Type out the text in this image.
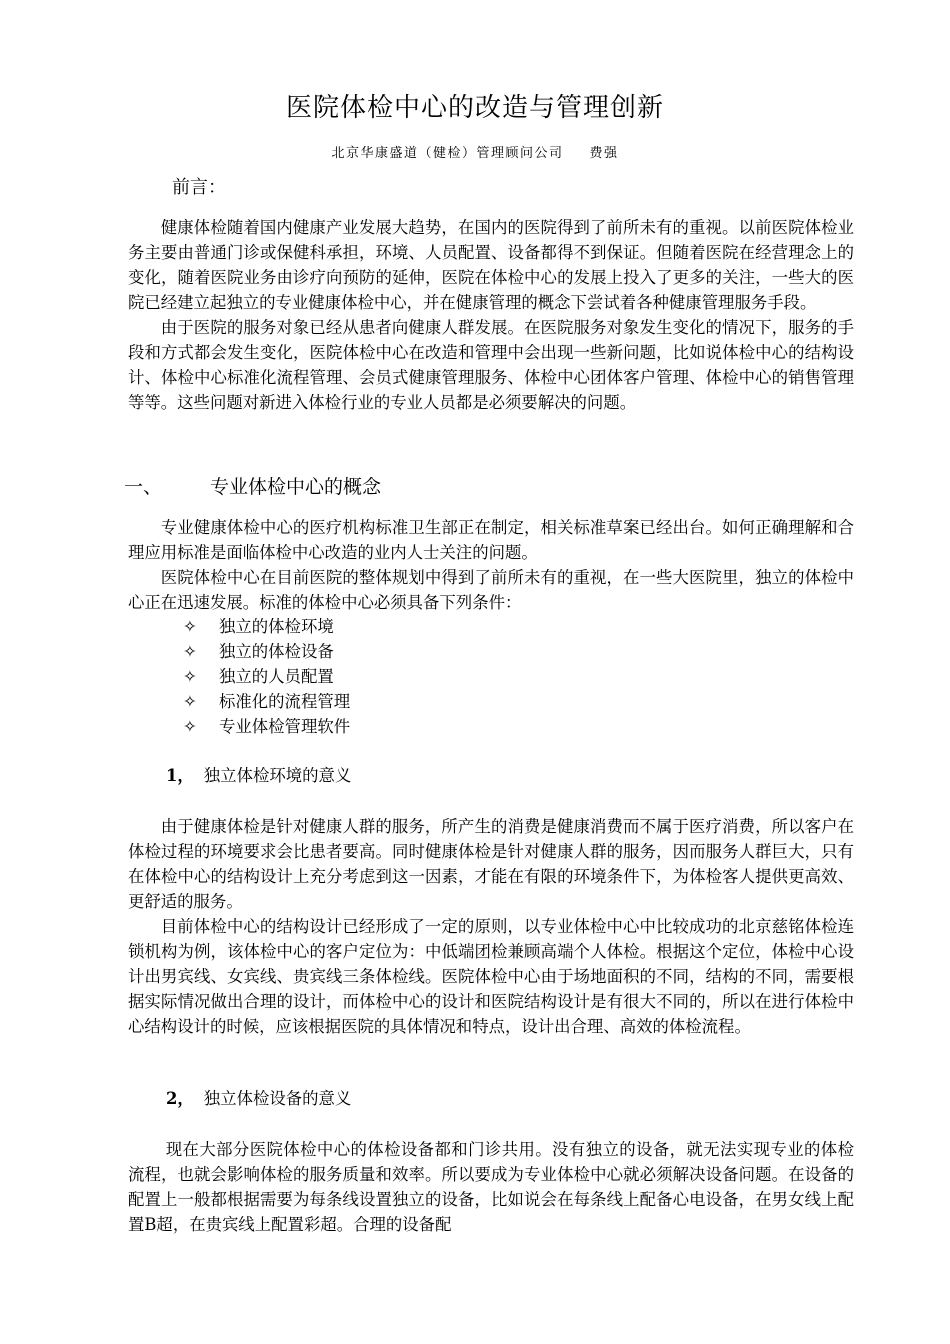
医院体检中心的改造与管理创新
北京华康盛道（健检）管理顾问公司 费强
前言：

健康体检随着国内健康产业发展大趋势，在国内的医院得到了前所未有的重视。以前医院体检业务主要由普通门诊或保健科承担，环境、人员配置、设备都得不到保证。但随着医院在经营理念上的变化，随着医院业务由诊疗向预防的延伸，医院在体检中心的发展上投入了更多的关注，一些大的医院已经建立起独立的专业健康体检中心，并在健康管理的概念下尝试着各种健康管理服务手段。

由于医院的服务对象已经从患者向健康人群发展。在医院服务对象发生变化的情况下，服务的手段和方式都会发生变化，医院体检中心在改造和管理中会出现一些新问题，比如说体检中心的结构设计、体检中心标准化流程管理、会员式健康管理服务、体检中心团体客户管理、体检中心的销售管理等等。这些问题对新进入体检行业的专业人员都是必须要解决的问题。

一、	专业体检中心的概念

专业健康体检中心的医疗机构标准卫生部正在制定，相关标准草案已经出台。如何正确理解和合理应用标准是面临体检中心改造的业内人士关注的问题。

医院体检中心在目前医院的整体规划中得到了前所未有的重视，在一些大医院里，独立的体检中心正在迅速发展。标准的体检中心必须具备下列条件：

✧ 独立的体检环境
✧ 独立的体检设备
✧ 独立的人员配置
✧ 标准化的流程管理
✧ 专业体检管理软件
1， 独立体检环境的意义

由于健康体检是针对健康人群的服务，所产生的消费是健康消费而不属于医疗消费，所以客户在体检过程的环境要求会比患者要高。同时健康体检是针对健康人群的服务，因而服务人群巨大，只有在体检中心的结构设计上充分考虑到这一因素，才能在有限的环境条件下，为体检客人提供更高效、更舒适的服务。

目前体检中心的结构设计已经形成了一定的原则，以专业体检中心中比较成功的北京慈铭体检连锁机构为例，该体检中心的客户定位为：中低端团检兼顾高端个人体检。根据这个定位，体检中心设计出男宾线、女宾线、贵宾线三条体检线。医院体检中心由于场地面积的不同，结构的不同，需要根据实际情况做出合理的设计，而体检中心的设计和医院结构设计是有很大不同的，所以在进行体检中心结构设计的时候，应该根据医院的具体情况和特点，设计出合理、高效的体检流程。

2， 独立体检设备的意义

现在大部分医院体检中心的体检设备都和门诊共用。没有独立的设备，就无法实现专业的体检流程，也就会影响体检的服务质量和效率。所以要成为专业体检中心就必须解决设备问题。在设备的配置上一般都根据需要为每条线设置独立的设备，比如说会在每条线上配备心电设备，在男女线上配置B超，在贵宾线上配置彩超。合理的设备配
